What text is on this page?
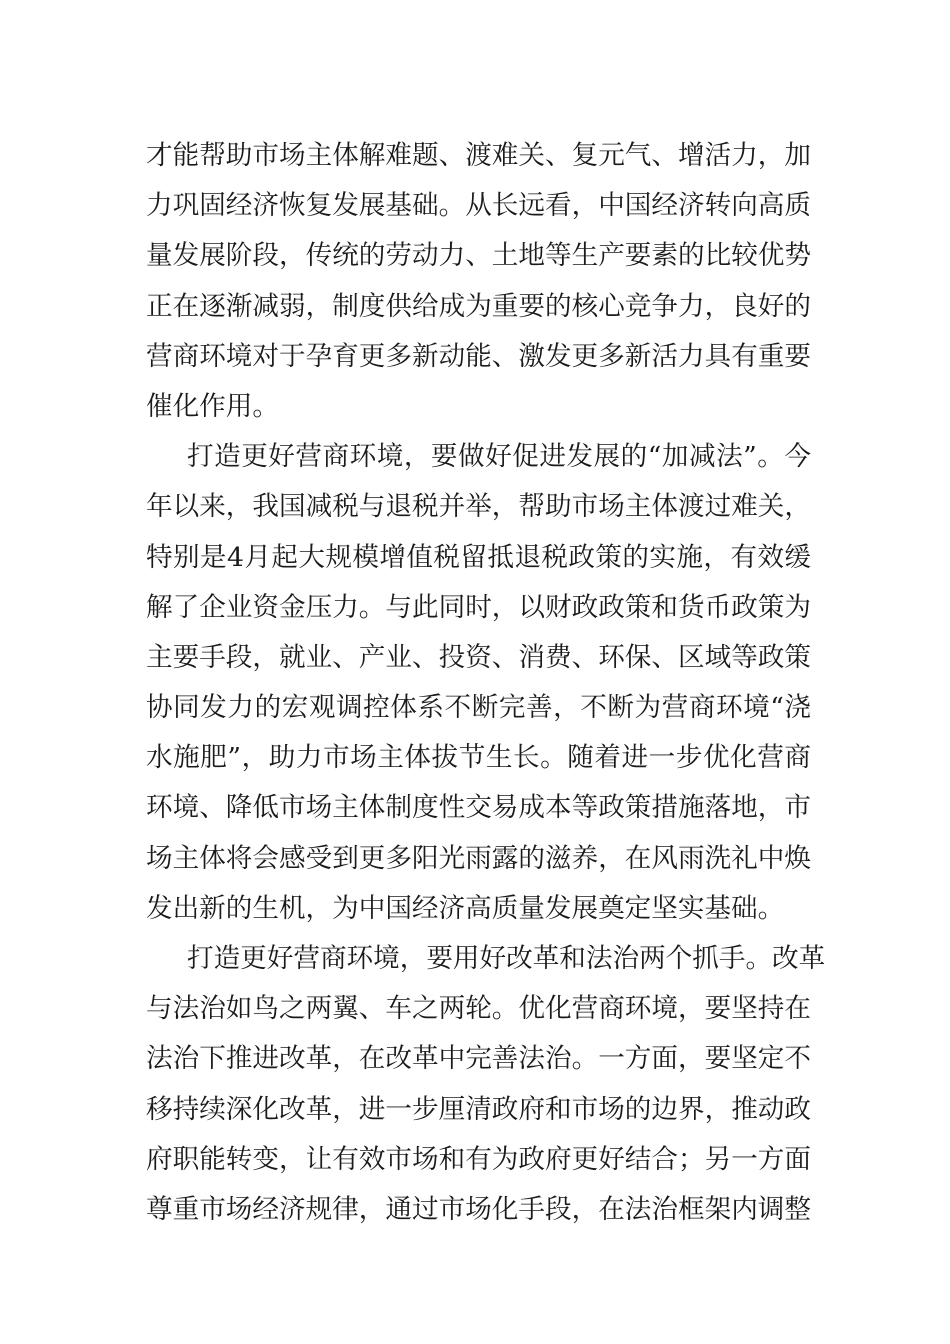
才能帮助市场主体解难题、渡难关、复元气、增活力，加
力巩固经济恢复发展基础。从长远看，中国经济转向高质
量发展阶段，传统的劳动力、土地等生产要素的比较优势
正在逐渐减弱，制度供给成为重要的核心竞争力，良好的
营商环境对于孕育更多新动能、激发更多新活力具有重要
催化作用。
打造更好营商环境，要做好促进发展的“加减法”。今
年以来，我国减税与退税并举，帮助市场主体渡过难关，
特别是4月起大规模增值税留抵退税政策的实施，有效缓
解了企业资金压力。与此同时，以财政政策和货币政策为
主要手段，就业、产业、投资、消费、环保、区域等政策
协同发力的宏观调控体系不断完善，不断为营商环境“浇
水施肥”，助力市场主体拔节生长。随着进一步优化营商
环境、降低市场主体制度性交易成本等政策措施落地，市
场主体将会感受到更多阳光雨露的滋养，在风雨洗礼中焕
发出新的生机，为中国经济高质量发展奠定坚实基础。
打造更好营商环境，要用好改革和法治两个抓手。改革
与法治如鸟之两翼、车之两轮。优化营商环境，要坚持在
法治下推进改革，在改革中完善法治。一方面，要坚定不
移持续深化改革，进一步厘清政府和市场的边界，推动政
府职能转变，让有效市场和有为政府更好结合；另一方面
尊重市场经济规律，通过市场化手段，在法治框架内调整
